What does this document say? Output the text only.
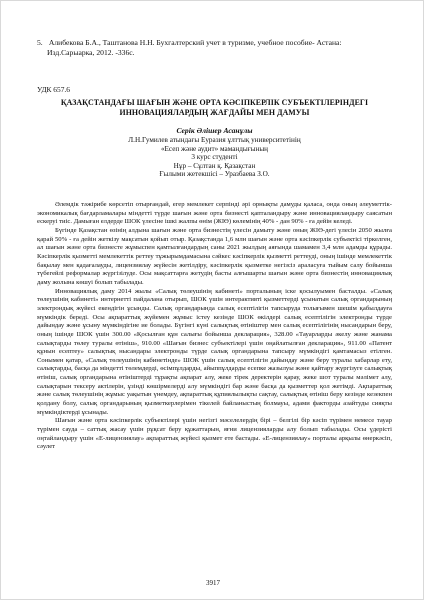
5. Алибекова Б.А., Таштанова Н.Н. Бухгалтерский учет в туризме, учебное пособие- Астана:
Изд.Сарыарка, 2012. -336с.
УДК 657.6
ҚАЗАҚСТАНДАҒЫ ШАҒЫН ЖӘНЕ ОРТА КӘСІПКЕРЛІК СУБЪЕКТІЛЕРІНДЕГІ
ИННОВАЦИЯЛАРДЫҢ ЖАҒДАЙЫ МЕН ДАМУЫ
Серік Әлішер Асанұлы
Л.Н.Гумилев атындағы Еуразия ұлттық университетінің
«Есеп және аудит» мамандығының
3 курс студенті
Нұр – Сұлтан қ. Қазақстан
Ғылыми жетекшісі – Уразбаева З.О.

Әлемдік тәжірибе көрсетіп отырғандай, егер мемлекет серпінді әрі орнықты дамуды қаласа, онда оның әлеуметтік-экономикалық бағдарламалары міндетті түрде шағын және орта бизнесті қапталандыру және инновацияландыру саясатын ескеруі тиіс. Дамыған елдерде ШОК үлесіне ішкі жалпы өнім (ЖІӨ) көлемінің 40% - дан 90% - ға дейін келеді.

Бүгінде Қазақстан өзінің алдына шағын және орта бизнестің үлесін дамыту және оның ЖІӨ-дегі үлесін 2050 жылға қарай 50% - ға дейін жеткізу мақсатын қойып отыр. Қазақстанда 1,6 млн шағын және орта кәсіпкерлік субъектісі тіркелген, ал шағын және орта бизнесте жұмыспен қамтылғандардың саны 2021 жылдың аяғында шамамен 3,4 млн адамды құрады. Кәсіпкерлік қызметті мемлекеттік реттеу тұжырымдамасына сәйкес кәсіпкерлік қызметті реттеуді, оның ішінде мемлекеттік бақылау мен қадағалауды, лицензиялау жүйесін жетілдіру, кәсіпкерлік қызметке негізсіз араласуға тыйым салу бойынша түбегейлі реформалар жүргізілуде. Осы мақсаттарға жетудің басты алғышарты шағын және орта бизнестің инновациялық даму жолына көшуі болып табылады.

Инновациялық даму 2014 жылы «Салық төлеушінің кабинеті» порталының іске қосылуымен басталды. «Салық төлеушінің кабинеті» интернетті пайдалана отырып, ШОК үшін интерактивті қызметтерді ұсынатын салық органдарының электрондық жүйесі екендігін ұсынды. Салық органдарында салық есептілігін тапсыруда толығымен шешім қабылдауға мүмкіндік береді. Осы ақпараттық жүйемен жұмыс істеу кезінде ШОК өкілдері салық есептілігін электронды түрде дайындау және ұсыну мүмкіндігіне ие болады. Бүгінгі күні салықтық өтініштер мен салық есептілігінің нысандарын беру, оның ішінде ШОК үшін 300.00 «Қосылған құн салығы бойынша декларация», 328.00 «Тауарларды әкелу және жанама салықтарды төлеу туралы өтініш», 910.00 «Шағын бизнес субъектілері үшін оңайлатылған декларация», 911.00 «Патент құнын есептеу» салықтық нысандары электронды түрде салық органдарына тапсыру мүмкіндігі қамтамасыз етілген. Сонымен қатар, «Салық төлеушінің кабинетінде» ШОК үшін салық есептілігін дайындау және беру туралы хабарлар ету, салықтарды, басқа да міндетті төлемдерді, өсімпұлдарды, айыппұлдарды есепке жазылуы және қайтару жүргізуге салықтық өтініш, салық органдарына өтініштерді тұрақты ақпарат алу, жеке тірек деректерін қарау, жеке шот туралы мәлімет алу, салықтарын тексеру актілерін, ұзінді көшірмелерді алу мүмкіндігі бар және басқа да қызметтер қол жетімді. Ақпараттық және салық төлеушінің жұмыс уақытын үнемдеу, ақпараттық құпиялылықты сақтау, салықтық өтініш беру кезінде кезекпен қолдану болу, салық органдарының қызметкерлерімен тікелей байланыстың болмауы, адами факторды азайтуды сияқты мүмкіндіктерді ұсынады.

Шағын және орта кәсіпкерлік субъектілері үшін негізгі мәселелердің бірі – белгілі бір кәсіп түрімен немесе тауар түрімен сауда – саттық жасау үшін рұқсат беру құжаттарын, яғни лицензияларды алу болып табылады. Осы үдерісті оңтайландыру үшін «Е-лицензиялау» ақпараттық жүйесі қызмет ете бастады. «Е-лицензиялау» порталы арқылы өнеркәсіп, сәулет

3917
